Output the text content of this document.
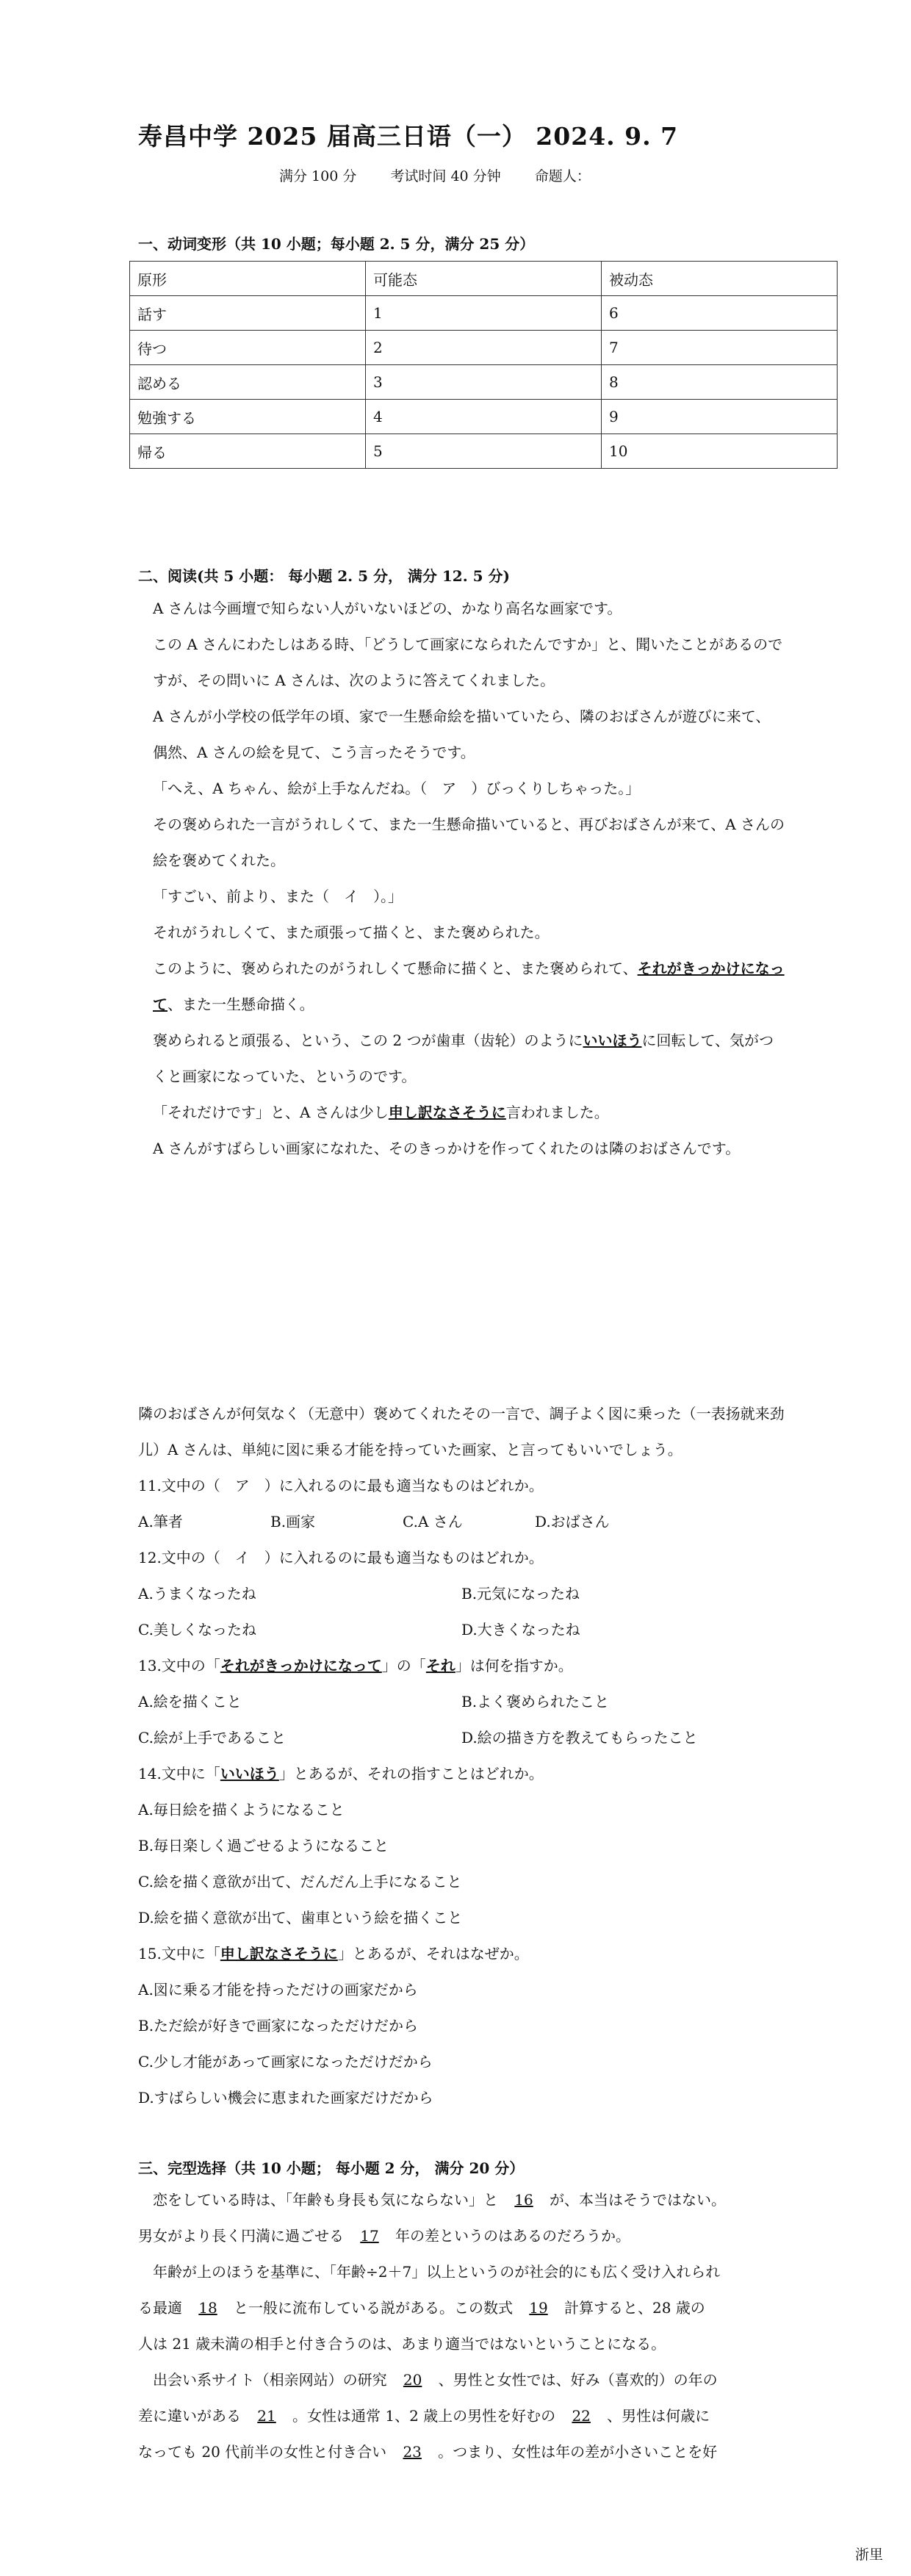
寿昌中学 2025 届高三日语（一） 2024. 9. 7
满分 100 分 考试时间 40 分钟 命题人：
一、动词变形（共 10 小题；每小题 2. 5 分，满分 25 分）
原形	可能态	被动态
話す	1	6
待つ	2	7
認める	3	8
勉強する	4	9
帰る	5	10
二、阅读(共 5 小题： 每小题 2. 5 分， 满分 12. 5 分)

A さんは今画壇で知らない人がいないほどの、かなり高名な画家です。

この A さんにわたしはある時、「どうして画家になられたんですか」と、聞いたことがあるのですが、その問いに A さんは、次のように答えてくれました。

A さんが小学校の低学年の頃、家で一生懸命絵を描いていたら、隣のおばさんが遊びに来て、偶然、A さんの絵を見て、こう言ったそうです。

「へえ、A ちゃん、絵が上手なんだね。（　ア　）びっくりしちゃった。」

その褒められた一言がうれしくて、また一生懸命描いていると、再びおばさんが来て、A さんの絵を褒めてくれた。

「すごい、前より、また（　イ　）。」

それがうれしくて、また頑張って描くと、また褒められた。

このように、褒められたのがうれしくて懸命に描くと、また褒められて、それがきっかけになって、また一生懸命描く。

褒められると頑張る、という、この 2 つが歯車（齿轮）のようにいいほうに回転して、気がつくと画家になっていた、というのです。

「それだけです」と、A さんは少し申し訳なさそうに言われました。

A さんがすばらしい画家になれた、そのきっかけを作ってくれたのは隣のおばさんです。

隣のおばさんが何気なく（无意中）褒めてくれたその一言で、調子よく図に乗った（一表扬就来劲儿）A さんは、単純に図に乗る才能を持っていた画家、と言ってもいいでしょう。

11.文中の（　ア　）に入れるのに最も適当なものはどれか。

A.筆者	B.画家	C.A さん	D.おばさん

12.文中の（　イ　）に入れるのに最も適当なものはどれか。

A.うまくなったね	B.元気になったね
C.美しくなったね	D.大きくなったね

13.文中の「それがきっかけになって」の「それ」は何を指すか。

A.絵を描くこと	B.よく褒められたこと
C.絵が上手であること	D.絵の描き方を教えてもらったこと

14.文中に「いいほう」とあるが、それの指すことはどれか。

A.毎日絵を描くようになること

B.毎日楽しく過ごせるようになること

C.絵を描く意欲が出て、だんだん上手になること

D.絵を描く意欲が出て、歯車という絵を描くこと

15.文中に「申し訳なさそうに」とあるが、それはなぜか。

A.図に乗る才能を持っただけの画家だから

B.ただ絵が好きで画家になっただけだから

C.少し才能があって画家になっただけだから

D.すばらしい機会に恵まれた画家だけだから

三、完型选择（共 10 小题； 每小题 2 分， 满分 20 分）

恋をしている時は、「年齢も身長も気にならない」と 16 が、本当はそうではない。

男女がより長く円満に過ごせる 17 年の差というのはあるのだろうか。

年齢が上のほうを基準に、「年齢÷2＋7」以上というのが社会的にも広く受け入れられ

る最適 18 と一般に流布している説がある。この数式 19 計算すると、28 歳の

人は 21 歳未満の相手と付き合うのは、あまり適当ではないということになる。

出会い系サイト（相亲网站）の研究 20 、男性と女性では、好み（喜欢的）の年の

差に違いがある 21 。女性は通常 1、2 歳上の男性を好むの 22 、男性は何歳に

なっても 20 代前半の女性と付き合い 23 。つまり、女性は年の差が小さいことを好

浙里
